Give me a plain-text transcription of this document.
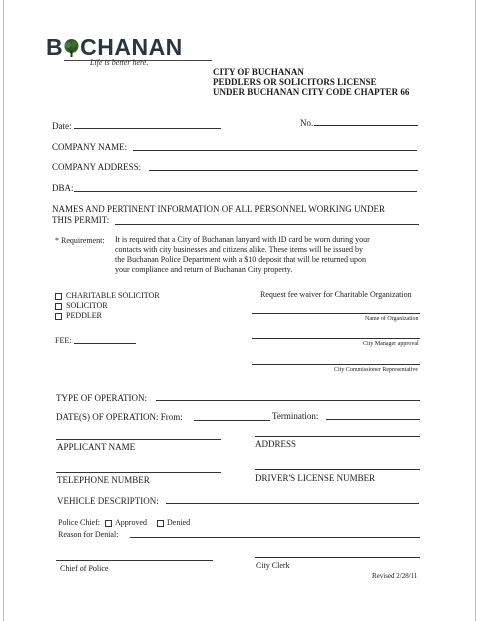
B CHANAN
Life is better here.
CITY OF BUCHANAN
PEDDLERS OR SOLICITORS LICENSE
UNDER BUCHANAN CITY CODE CHAPTER 66
Date:	No.
COMPANY NAME:
COMPANY ADDRESS:
DBA:
NAMES AND PERTINENT INFORMATION OF ALL PERSONNEL WORKING UNDER
THIS PERMIT:
* Requirement: It is required that a City of Buchanan lanyard with ID card be worn during your
contacts with city businesses and citizens alike. These items will be issued by
the Buchanan Police Department with a $10 deposit that will be returned upon
your compliance and return of Buchanan City property.
CHARITABLE SOLICITOR
SOLICITOR
PEDDLER
Request fee waiver for Charitable Organization
Name of Organization
City Manager approval
City Commissioner Representative
FEE:
TYPE OF OPERATION:
DATE(S) OF OPERATION: From:	Termination:
APPLICANT NAME	ADDRESS
TELEPHONE NUMBER	DRIVER'S LICENSE NUMBER
VEHICLE DESCRIPTION:
Police Chief: Approved	Denied
Reason for Denial:
Chief of Police	City Clerk
Revised 2/28/11
